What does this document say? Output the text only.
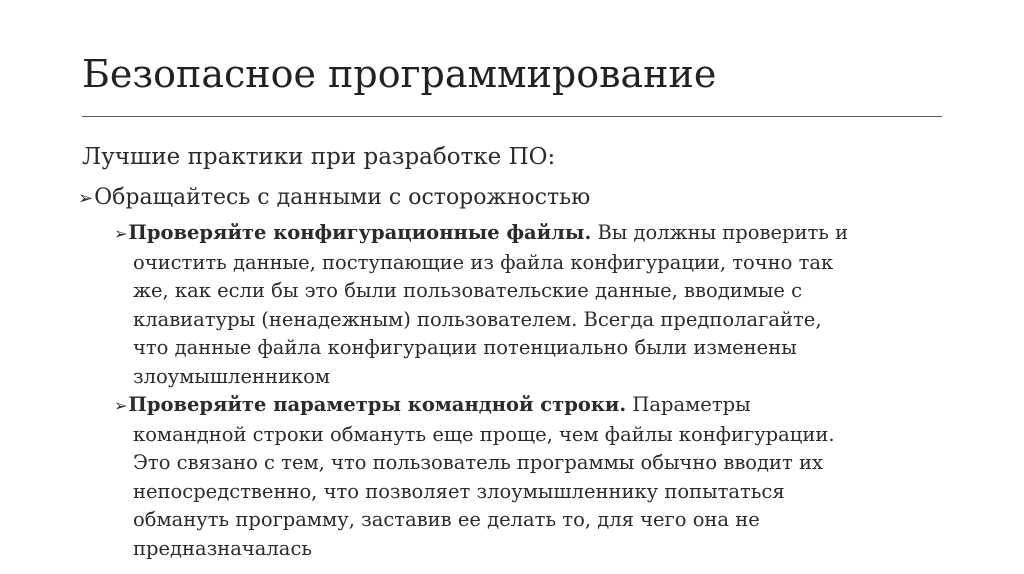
Безопасное программирование
Лучшие практики при разработке ПО:
➢Обращайтесь с данными с осторожностью
➢Проверяйте конфигурационные файлы. Вы должны проверить и
очистить данные, поступающие из файла конфигурации, точно так
же, как если бы это были пользовательские данные, вводимые с
клавиатуры (ненадежным) пользователем. Всегда предполагайте,
что данные файла конфигурации потенциально были изменены
злоумышленником
➢Проверяйте параметры командной строки. Параметры
командной строки обмануть еще проще, чем файлы конфигурации.
Это связано с тем, что пользователь программы обычно вводит их
непосредственно, что позволяет злоумышленнику попытаться
обмануть программу, заставив ее делать то, для чего она не
предназначалась
